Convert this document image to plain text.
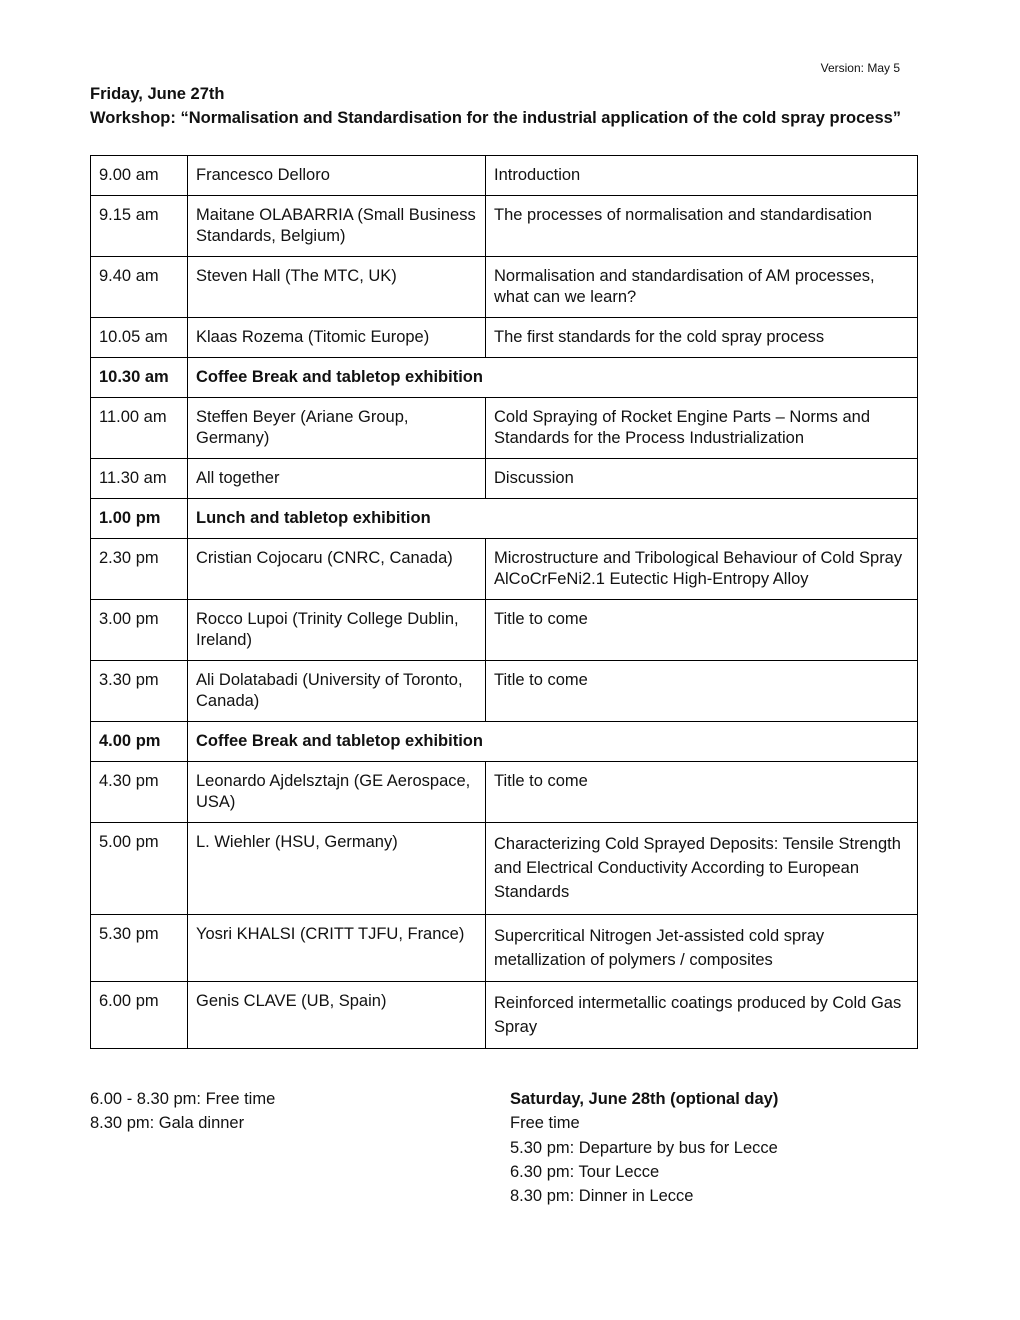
Version: May 5
Friday, June 27th
Workshop: “Normalisation and Standardisation for the industrial application of the cold spray process”
9.00 am	Francesco Delloro	Introduction
9.15 am	Maitane OLABARRIA (Small Business Standards, Belgium)	The processes of normalisation and standardisation
9.40 am	Steven Hall (The MTC, UK)	Normalisation and standardisation of AM processes, what can we learn?
10.05 am	Klaas Rozema (Titomic Europe)	The first standards for the cold spray process
10.30 am	Coffee Break and tabletop exhibition	
11.00 am	Steffen Beyer (Ariane Group, Germany)	Cold Spraying of Rocket Engine Parts – Norms and Standards for the Process Industrialization
11.30 am	All together	Discussion
1.00 pm	Lunch and tabletop exhibition	
2.30 pm	Cristian Cojocaru (CNRC, Canada)	Microstructure and Tribological Behaviour of Cold Spray AlCoCrFeNi2.1 Eutectic High-Entropy Alloy
3.00 pm	Rocco Lupoi (Trinity College Dublin, Ireland)	Title to come
3.30 pm	Ali Dolatabadi (University of Toronto, Canada)	Title to come
4.00 pm	Coffee Break and tabletop exhibition	
4.30 pm	Leonardo Ajdelsztajn (GE Aerospace, USA)	Title to come
5.00 pm	L. Wiehler (HSU, Germany)	Characterizing Cold Sprayed Deposits: Tensile Strength and Electrical Conductivity According to European Standards
5.30 pm	Yosri KHALSI (CRITT TJFU, France)	Supercritical Nitrogen Jet-assisted cold spray metallization of polymers / composites
6.00 pm	Genis CLAVE (UB, Spain)	Reinforced intermetallic coatings produced by Cold Gas Spray
6.00 - 8.30 pm: Free time
8.30 pm: Gala dinner
Saturday, June 28th (optional day)
Free time
5.30 pm: Departure by bus for Lecce
6.30 pm: Tour Lecce
8.30 pm: Dinner in Lecce
